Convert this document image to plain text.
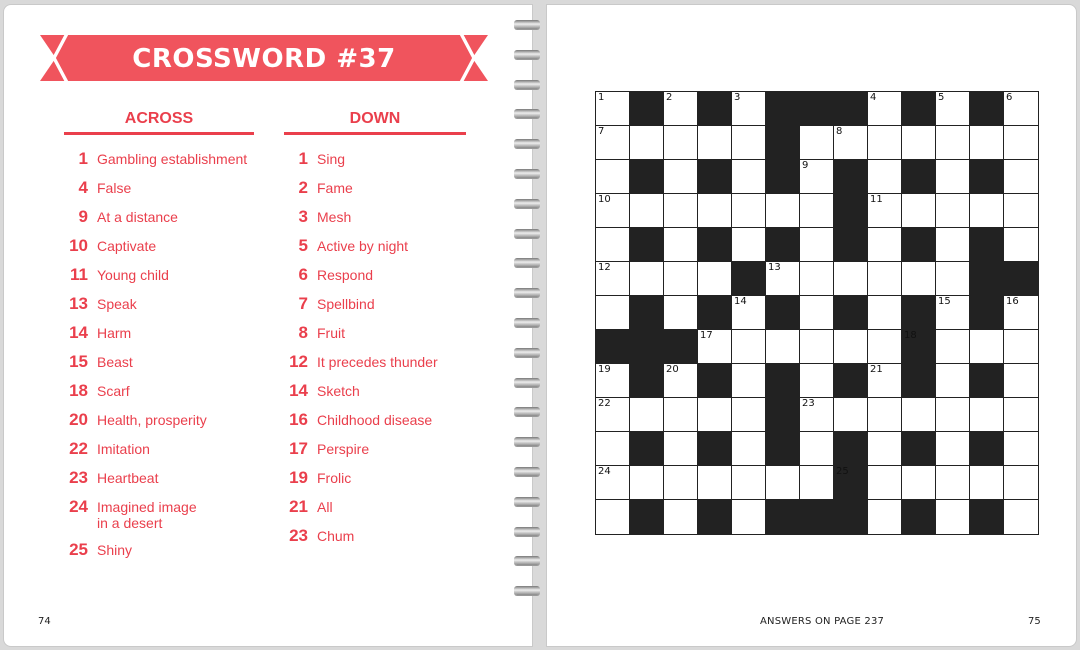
CROSSWORD #37
ACROSS	DOWN
1 Gambling establishment
4 False
9 At a distance
10 Captivate
11 Young child
13 Speak
14 Harm
15 Beast
18 Scarf
20 Health, prosperity
22 Imitation
23 Heartbeat
24 Imagined image
in a desert
25 Shiny
1 Sing
2 Fame
3 Mesh
5 Active by night
6 Respond
7 Spellbind
8 Fruit
12 It precedes thunder
14 Sketch
16 Childhood disease
17 Perspire
19 Frolic
21 All
23 Chum
1	2	3	4	5	6
7	8
9
10	11
12	13
14	15	16
17	18
19	20	21
22	23
24	25
74	ANSWERS ON PAGE 237	75
